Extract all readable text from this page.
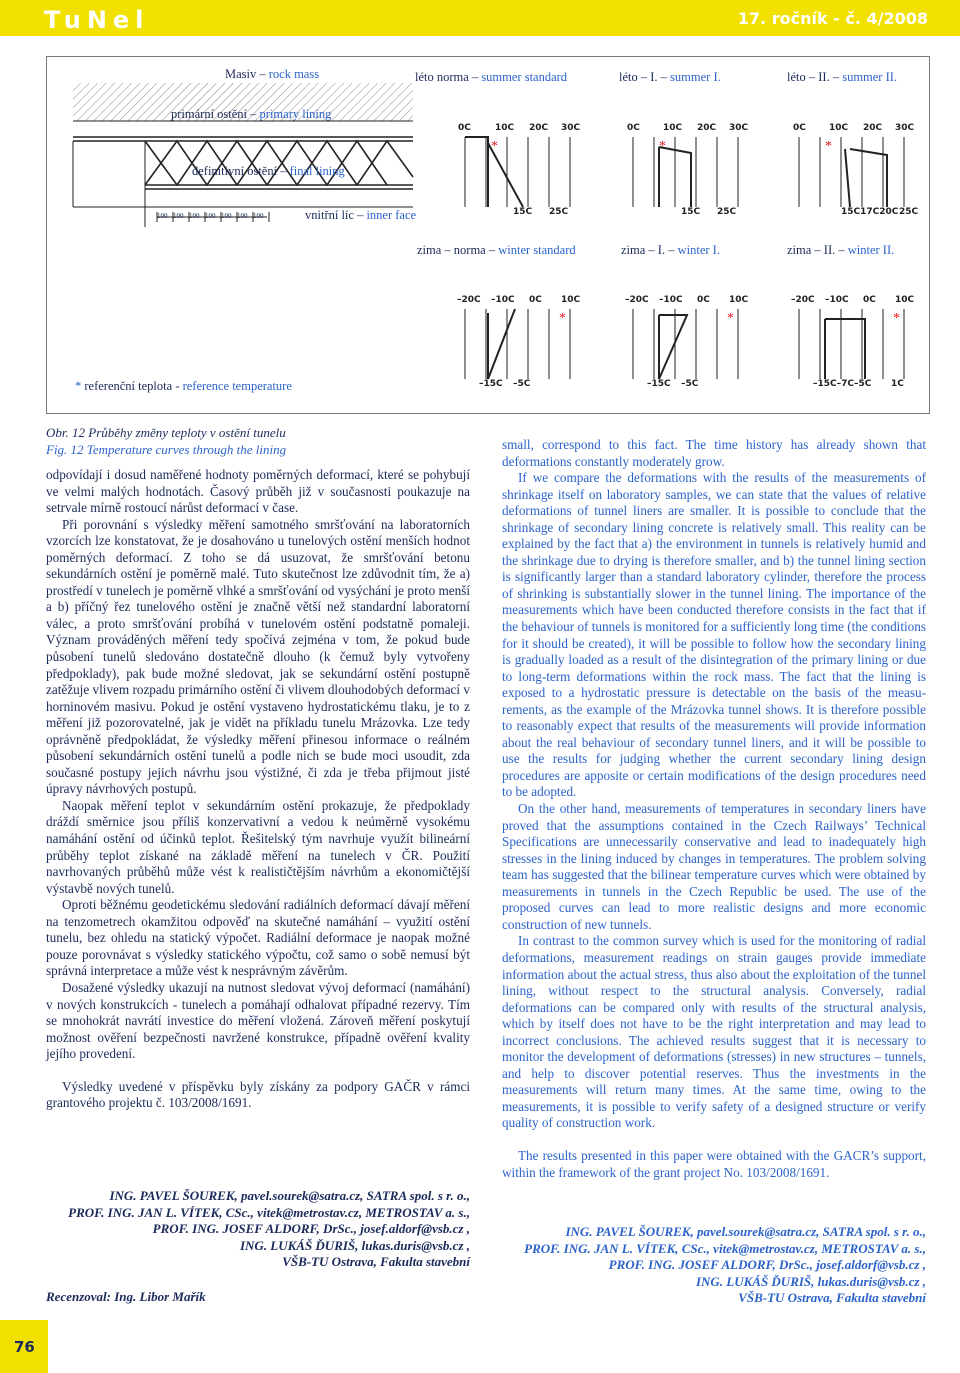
TuNel	17. ročník - č. 4/2008
Masiv – rock mass
primární ostění – primary lining
definitivní ostění – final lining
vnitřní líc – inner face
100 100 100 100 100 100 100
léto norma – summer standard	léto – I. – summer I.	léto – II. – summer II.
0C	10C 20C 30C	0C	10C 20C 30C	0C	10C 20C 30C
*	*	*
15C 25C	15C 25C	15C17C20C 25C
zima – norma – winter standard	zima – I. – winter I.	zima – II. – winter II.
–20C –10C 0C 10C	–20C –10C 0C 10C	–20C –10C 0C 10C
*	*	*
–15C –5C	–15C –5C	–15C–7C–5C 1C
* referenční teplota - reference temperature
Obr. 12 Průběhy změny teploty v ostění tunelu
Fig. 12 Temperature curves through the lining

odpovídají i dosud naměřené hodnoty poměrných deformací, které se pohybují ve velmi malých hodnotách. Časový průběh již v současnosti poukazuje na setrvale mírně rostoucí nárůst deformací v čase.

Při porovnání s výsledky měření samotného smršťování na laboratorních vzorcích lze konstatovat, že je dosahováno u tunelových ostění menších hodnot poměrných deformací. Z toho se dá usuzovat, že smršťování betonu sekundárních ostění je poměrně malé. Tuto skutečnost lze zdůvodnit tím, že a) prostředí v tunelech je poměrně vlhké a smršťování od vysýchání je proto menší a b) příčný řez tunelového ostění je značně větší než standardní laboratorní válec, a proto smršťování probíhá v tunelovém ostění podstatně pomaleji. Význam prováděných měření tedy spočívá zejména v tom, že pokud bude působení tunelů sledováno dostatečně dlouho (k čemuž byly vytvořeny předpoklady), pak bude možné sledovat, jak se sekundární ostění postupně zatěžuje vlivem rozpadu primárního ostění či vlivem dlouhodobých deformací v horninovém masivu. Pokud je ostění vystaveno hydrostatickému tlaku, je to z měření již pozorovatelné, jak je vidět na příkladu tunelu Mrázovka. Lze tedy oprávněně předpokládat, že výsledky měření přinesou informace o reálném působení sekundárních ostění tunelů a podle nich se bude moci usoudit, zda současné postupy jejich návrhu jsou výstižné, či zda je třeba přijmout jisté úpravy návrhových postupů.

Naopak měření teplot v sekundárním ostění prokazuje, že předpoklady dráždí směrnice jsou příliš konzervativní a vedou k neúměrně vysokému namáhání ostění od účinků teplot. Řešitelský tým navrhuje využít bilineární průběhy teplot získané na základě měření na tunelech v ČR. Použití navrhovaných průběhů může vést k realističtějším návrhům a ekonomičtější výstavbě nových tunelů.

Oproti běžnému geodetickému sledování radiálních deformací dávají měření na tenzometrech okamžitou odpověď na skutečné namáhání – využití ostění tunelu, bez ohledu na statický výpočet. Radiální deformace je naopak možné pouze porovnávat s výsledky statického výpočtu, což samo o sobě nemusí být správná interpretace a může vést k nesprávným závěrům.

Dosažené výsledky ukazují na nutnost sledovat vývoj deformací (namáhání) v nových konstrukcích - tunelech a pomáhají odhalovat případné rezervy. Tím se mnohokrát navrátí investice do měření vložená. Zároveň měření poskytují možnost ověření bezpečnosti navržené konstrukce, případně ověření kvality jejího provedení.

Výsledky uvedené v příspěvku byly získány za podpory GAČR v rámci grantového projektu č. 103/2008/1691.

ING. PAVEL ŠOUREK, pavel.sourek@satra.cz, SATRA spol. s r. o.,
PROF. ING. JAN L. VÍTEK, CSc., vitek@metrostav.cz, METROSTAV a. s.,
PROF. ING. JOSEF ALDORF, DrSc., josef.aldorf@vsb.cz ,
ING. LUKÁŠ ĎURIŠ, lukas.duris@vsb.cz ,
VŠB-TU Ostrava, Fakulta stavební
Recenzoval: Ing. Libor Mařík

small, correspond to this fact. The time history has already shown that deformations constantly moderately grow.

If we compare the deformations with the results of the measurements of shrinkage itself on laboratory samples, we can state that the values of relative deformations of tunnel liners are smaller. It is possible to conclude that the shrinkage of secondary lining concrete is relatively small. This reality can be explained by the fact that a) the environment in tunnels is relatively humid and the shrinkage due to drying is therefore smaller, and b) the tunnel lining section is significantly larger than a standard laboratory cylinder, therefore the process of shrinking is substantially slower in the tunnel lining. The importance of the measurements which have been conducted therefore consists in the fact that if the behaviour of tunnels is monitored for a sufficiently long time (the conditions for it should be created), it will be possible to follow how the secondary lining is gradually loaded as a result of the disintegration of the primary lining or due to long-term deformations within the rock mass. The fact that the lining is exposed to a hydrostatic pressure is detectable on the basis of the measurements, as the example of the Mrázovka tunnel shows. It is therefore possible to reasonably expect that results of the measurements will provide information about the real behaviour of secondary tunnel liners, and it will be possible to use the results for judging whether the current secondary lining design procedures are apposite or certain modifications of the design procedures need to be adopted.

On the other hand, measurements of temperatures in secondary liners have proved that the assumptions contained in the Czech Railways’ Technical Specifications are unnecessarily conservative and lead to inadequately high stresses in the lining induced by changes in temperatures. The problem solving team has suggested that the bilinear temperature curves which were obtained by measurements in tunnels in the Czech Republic be used. The use of the proposed curves can lead to more realistic designs and more economic construction of new tunnels.

In contrast to the common survey which is used for the monitoring of radial deformations, measurement readings on strain gauges provide immediate information about the actual stress, thus also about the exploitation of the tunnel lining, without respect to the structural analysis. Conversely, radial deformations can be compared only with results of the structural analysis, which by itself does not have to be the right interpretation and may lead to incorrect conclusions. The achieved results suggest that it is necessary to monitor the development of deformations (stresses) in new structures – tunnels, and help to discover potential reserves. Thus the investments in the measurements will return many times. At the same time, owing to the measurements, it is possible to verify safety of a designed structure or verify quality of construction work.

The results presented in this paper were obtained with the GACR’s support, within the framework of the grant project No. 103/2008/1691.

ING. PAVEL ŠOUREK, pavel.sourek@satra.cz, SATRA spol. s r. o.,
PROF. ING. JAN L. VÍTEK, CSc., vitek@metrostav.cz, METROSTAV a. s.,
PROF. ING. JOSEF ALDORF, DrSc., josef.aldorf@vsb.cz ,
ING. LUKÁŠ ĎURIŠ, lukas.duris@vsb.cz ,
VŠB-TU Ostrava, Fakulta stavební
76
